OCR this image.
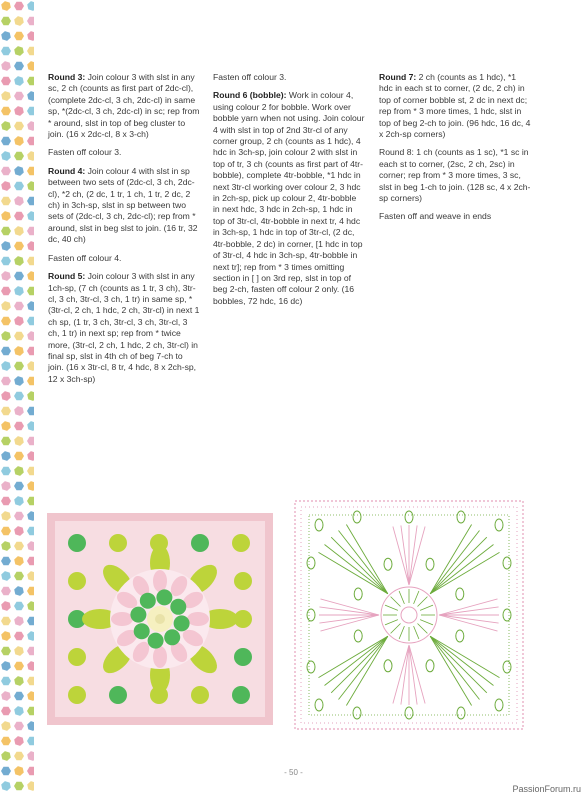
Round 3: Join colour 3 with slst in any sc, 2 ch (counts as first part of 2dc-cl), (complete 2dc-cl, 3 ch, 2dc-cl) in same sp, *(2dc-cl, 3 ch, 2dc-cl) in sc; rep from * around, slst in top of beg cluster to join. (16 x 2dc-cl, 8 x 3-ch)

Fasten off colour 3.

Round 4: Join colour 4 with slst in sp between two sets of (2dc-cl, 3 ch, 2dc-cl), *2 ch, (2 dc, 1 tr, 1 ch, 1 tr, 2 dc, 2 ch) in 3ch-sp, slst in sp between two sets of (2dc-cl, 3 ch, 2dc-cl); rep from * around, slst in beg slst to join. (16 tr, 32 dc, 40 ch)

Fasten off colour 4.

Round 5: Join colour 3 with slst in any 1ch-sp, (7 ch (counts as 1 tr, 3 ch), 3tr-cl, 3 ch, 3tr-cl, 3 ch, 1 tr) in same sp, *(3tr-cl, 2 ch, 1 hdc, 2 ch, 3tr-cl) in next 1 ch sp, (1 tr, 3 ch, 3tr-cl, 3 ch, 3tr-cl, 3 ch, 1 tr) in next sp; rep from * twice more, (3tr-cl, 2 ch, 1 hdc, 2 ch, 3tr-cl) in final sp, slst in 4th ch of beg 7-ch to join. (16 x 3tr-cl, 8 tr, 4 hdc, 8 x 2ch-sp, 12 x 3ch-sp)

Fasten off colour 3.

Round 6 (bobble): Work in colour 4, using colour 2 for bobble. Work over bobble yarn when not using. Join colour 4 with slst in top of 2nd 3tr-cl of any corner group, 2 ch (counts as 1 hdc), 4 hdc in 3ch-sp, join colour 2 with slst in top of tr, 3 ch (counts as first part of 4tr-bobble), complete 4tr-bobble, *1 hdc in next 3tr-cl working over colour 2, 3 hdc in 2ch-sp, pick up colour 2, 4tr-bobble in next hdc, 3 hdc in 2ch-sp, 1 hdc in top of 3tr-cl, 4tr-bobble in next tr, 4 hdc in 3ch-sp, 1 hdc in top of 3tr-cl, (2 dc, 4tr-bobble, 2 dc) in corner, [1 hdc in top of 3tr-cl, 4 hdc in 3ch-sp, 4tr-bobble in next tr]; rep from * 3 times omitting section in [ ] on 3rd rep, slst in top of beg 2-ch, fasten off colour 2 only. (16 bobbles, 72 hdc, 16 dc)

Round 7: 2 ch (counts as 1 hdc), *1 hdc in each st to corner, (2 dc, 2 ch) in top of corner bobble st, 2 dc in next dc; rep from * 3 more times, 1 hdc, slst in top of beg 2-ch to join. (96 hdc, 16 dc, 4 x 2ch-sp corners)

Round 8: 1 ch (counts as 1 sc), *1 sc in each st to corner, (2sc, 2 ch, 2sc) in corner; rep from * 3 more times, 3 sc, slst in beg 1-ch to join. (128 sc, 4 x 2ch-sp corners)

Fasten off and weave in ends

- 50 -
PassionForum.ru
